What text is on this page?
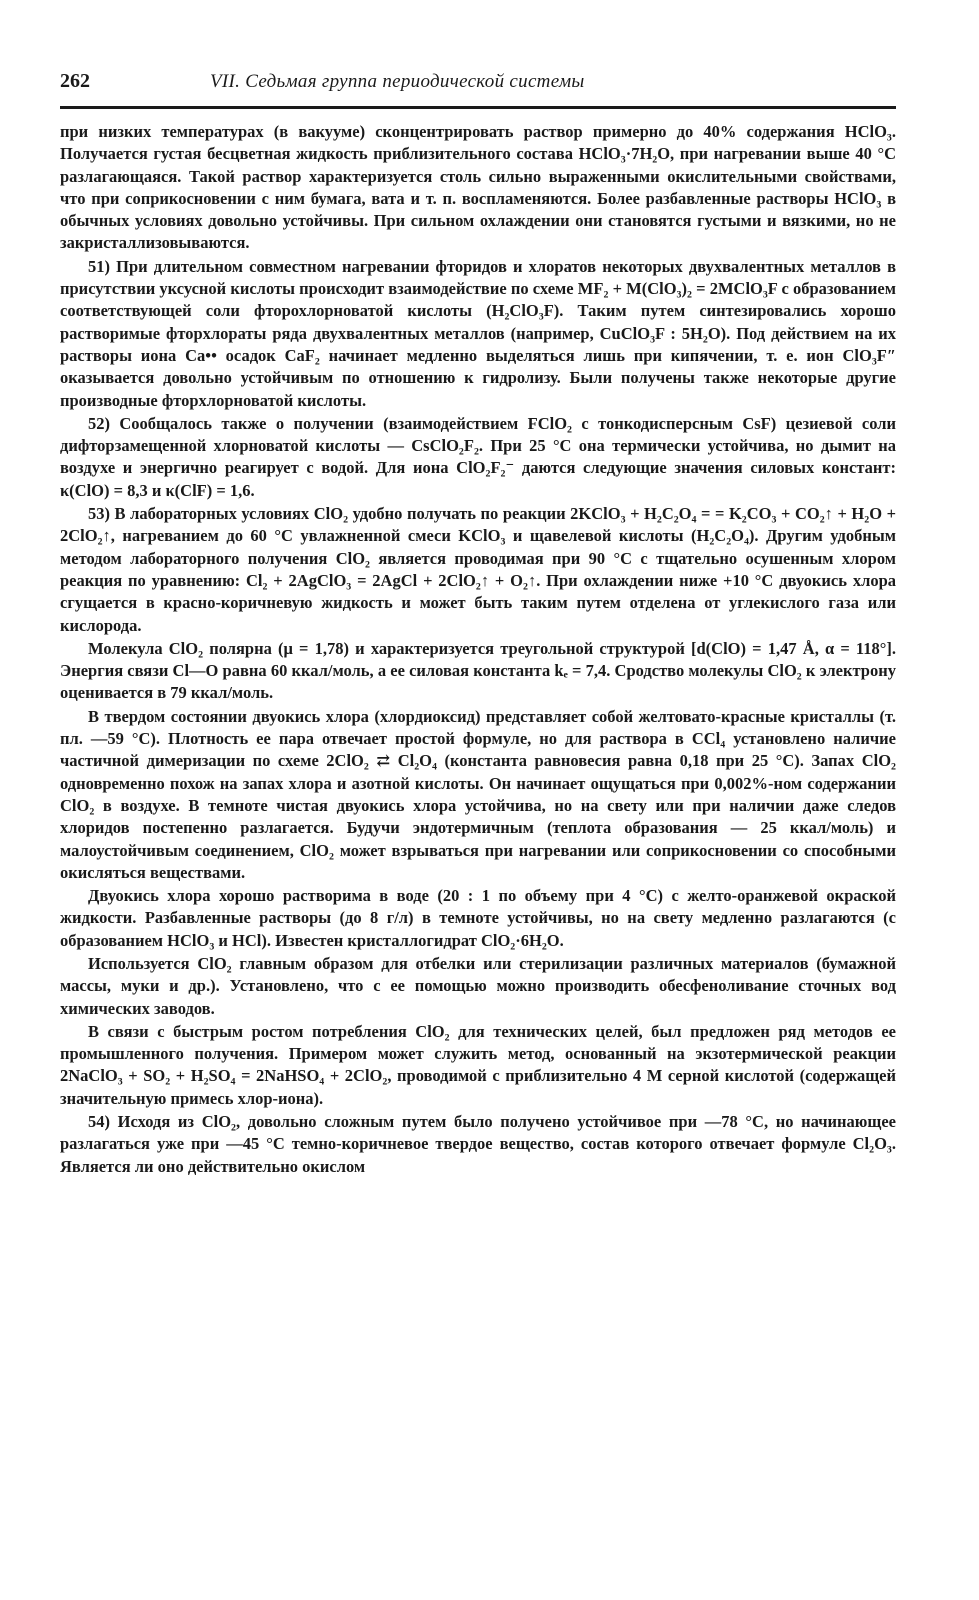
262	VII. Седьмая группа периодической системы

при низких температурах (в вакууме) сконцентрировать раствор примерно до 40% содержания HClO₃. Получается густая бесцветная жидкость приблизительного состава HClO₃·7H₂O, при нагревании выше 40 °C разлагающаяся. Такой раствор характеризуется столь сильно выраженными окислительными свойствами, что при соприкосновении с ним бумага, вата и т. п. воспламеняются. Более разбавленные растворы HClO₃ в обычных условиях довольно устойчивы. При сильном охлаждении они становятся густыми и вязкими, но не закристаллизовываются.

51) При длительном совместном нагревании фторидов и хлоратов некоторых двухвалентных металлов в присутствии уксусной кислоты происходит взаимодействие по схеме MF₂ + M(ClO₃)₂ = 2MClO₃F с образованием соответствующей соли фторохлорноватой кислоты (H₂ClO₃F). Таким путем синтезировались хорошо растворимые фторхлораты ряда двухвалентных металлов (например, CuClO₃F : 5H₂O). Под действием на их растворы иона Ca•• осадок CaF₂ начинает медленно выделяться лишь при кипячении, т. е. ион ClO₃F″ оказывается довольно устойчивым по отношению к гидролизу. Были получены также некоторые другие производные фторхлорноватой кислоты.

52) Сообщалось также о получении (взаимодействием FClO₂ с тонкодисперсным CsF) цезиевой соли дифторзамещенной хлорноватой кислоты — CsClO₂F₂. При 25 °C она термически устойчива, но дымит на воздухе и энергично реагирует с водой. Для иона ClO₂F₂⁻ даются следующие значения силовых констант: κ(ClO) = 8,3 и κ(ClF) = 1,6.

53) В лабораторных условиях ClO₂ удобно получать по реакции 2KClO₃ + H₂C₂O₄ = = K₂CO₃ + CO₂↑ + H₂O + 2ClO₂↑, нагреванием до 60 °C увлажненной смеси KClO₃ и щавелевой кислоты (H₂C₂O₄). Другим удобным методом лабораторного получения ClO₂ является проводимая при 90 °C с тщательно осушенным хлором реакция по уравнению: Cl₂ + 2AgClO₃ = 2AgCl + 2ClO₂↑ + O₂↑. При охлаждении ниже +10 °C двуокись хлора сгущается в красно-коричневую жидкость и может быть таким путем отделена от углекислого газа или кислорода.

Молекула ClO₂ полярна (μ = 1,78) и характеризуется треугольной структурой [d(ClO) = 1,47 Å, α = 118°]. Энергия связи Cl—O равна 60 ккал/моль, а ее силовая константа kₑ = 7,4. Сродство молекулы ClO₂ к электрону оценивается в 79 ккал/моль.

В твердом состоянии двуокись хлора (хлордиоксид) представляет собой желтовато-красные кристаллы (т. пл. —59 °C). Плотность ее пара отвечает простой формуле, но для раствора в CCl₄ установлено наличие частичной димеризации по схеме 2ClO₂ ⇄ Cl₂O₄ (константа равновесия равна 0,18 при 25 °C). Запах ClO₂ одновременно похож на запах хлора и азотной кислоты. Он начинает ощущаться при 0,002%-ном содержании ClO₂ в воздухе. В темноте чистая двуокись хлора устойчива, но на свету или при наличии даже следов хлоридов постепенно разлагается. Будучи эндотермичным (теплота образования — 25 ккал/моль) и малоустойчивым соединением, ClO₂ может взрываться при нагревании или соприкосновении со способными окисляться веществами.

Двуокись хлора хорошо растворима в воде (20 : 1 по объему при 4 °C) с желто-оранжевой окраской жидкости. Разбавленные растворы (до 8 г/л) в темноте устойчивы, но на свету медленно разлагаются (с образованием HClO₃ и HCl). Известен кристаллогидрат ClO₂·6H₂O.

Используется ClO₂ главным образом для отбелки или стерилизации различных материалов (бумажной массы, муки и др.). Установлено, что с ее помощью можно производить обесфеноливание сточных вод химических заводов.

В связи с быстрым ростом потребления ClO₂ для технических целей, был предложен ряд методов ее промышленного получения. Примером может служить метод, основанный на экзотермической реакции 2NaClO₃ + SO₂ + H₂SO₄ = 2NaHSO₄ + 2ClO₂, проводимой с приблизительно 4 M серной кислотой (содержащей значительную примесь хлор-иона).

54) Исходя из ClO₂, довольно сложным путем было получено устойчивое при —78 °C, но начинающее разлагаться уже при —45 °C темно-коричневое твердое вещество, состав которого отвечает формуле Cl₂O₃. Является ли оно действительно окислом
